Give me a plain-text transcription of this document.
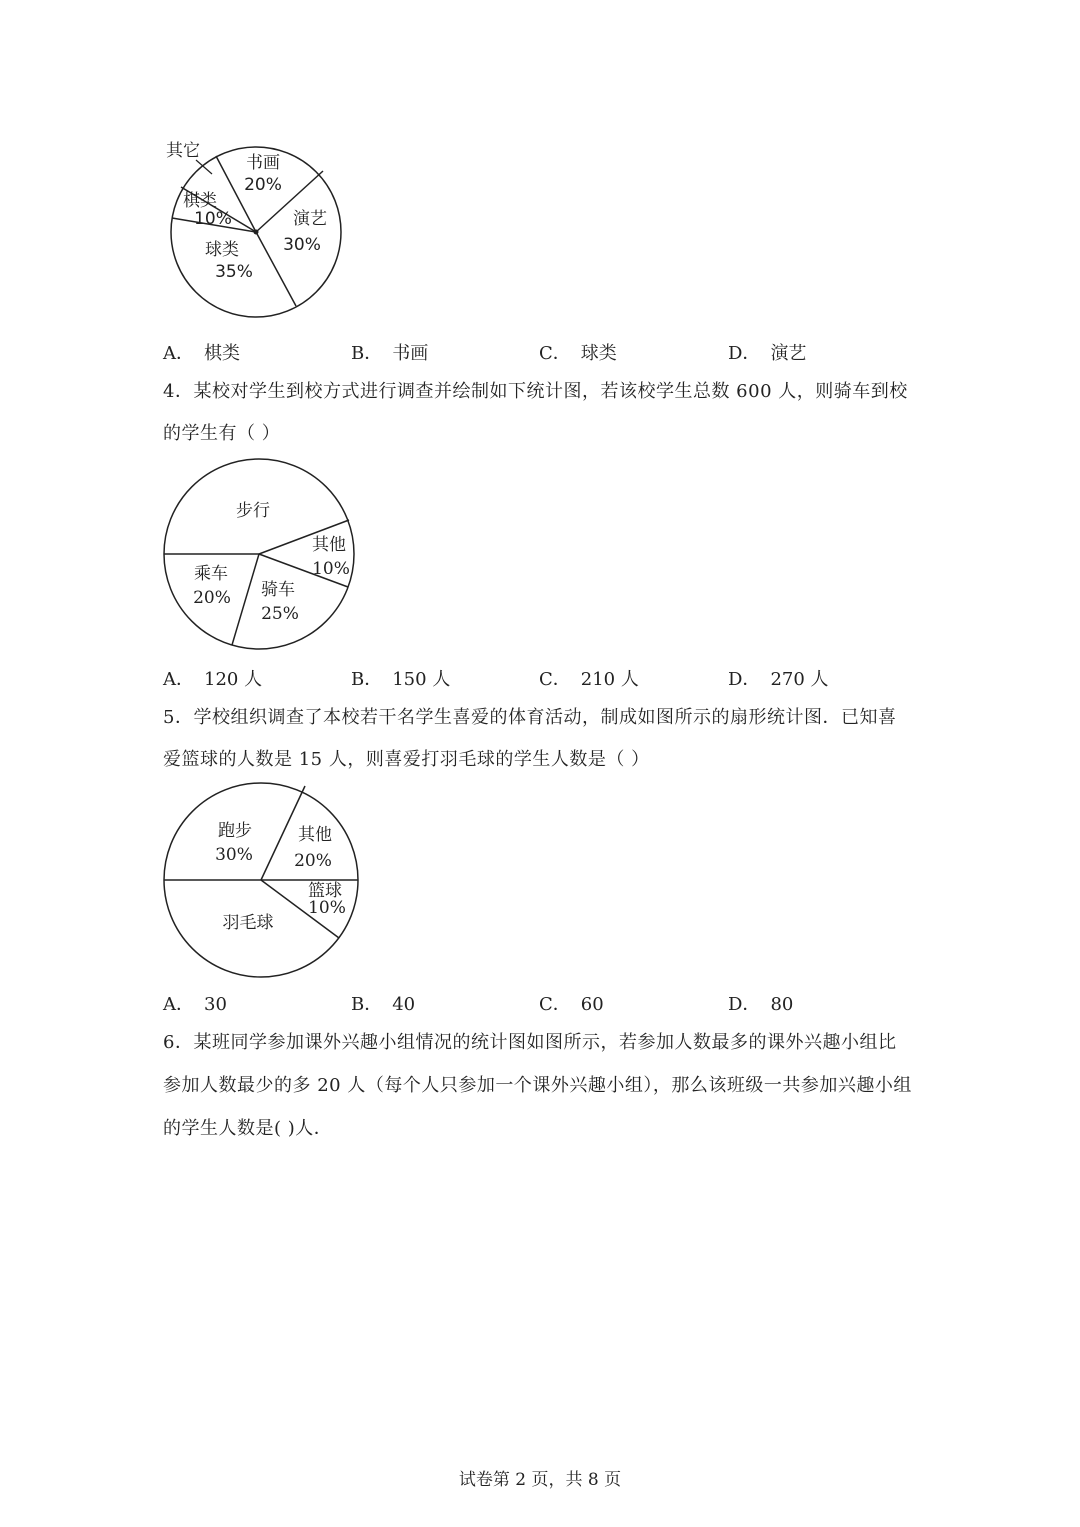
其它
书画
20%
棋类
10%	演艺
30%
球类
35%
A． 棋类	B． 书画	C． 球类	D． 演艺
4．某校对学生到校方式进行调查并绘制如下统计图，若该校学生总数 600 人，则骑车到校
的学生有（ ）
步行
其他
10%
乘车
20% 骑车
25%
A． 120 人	B． 150 人	C． 210 人	D． 270 人
5．学校组织调查了本校若干名学生喜爱的体育活动，制成如图所示的扇形统计图．已知喜
爱篮球的人数是 15 人，则喜爱打羽毛球的学生人数是（ ）
跑步
30%
其他
20%
篮球
10%
羽毛球
A． 30	B． 40	C． 60	D． 80
6．某班同学参加课外兴趣小组情况的统计图如图所示，若参加人数最多的课外兴趣小组比
参加人数最少的多 20 人（每个人只参加一个课外兴趣小组），那么该班级一共参加兴趣小组
的学生人数是( )人．
试卷第 2 页，共 8 页
